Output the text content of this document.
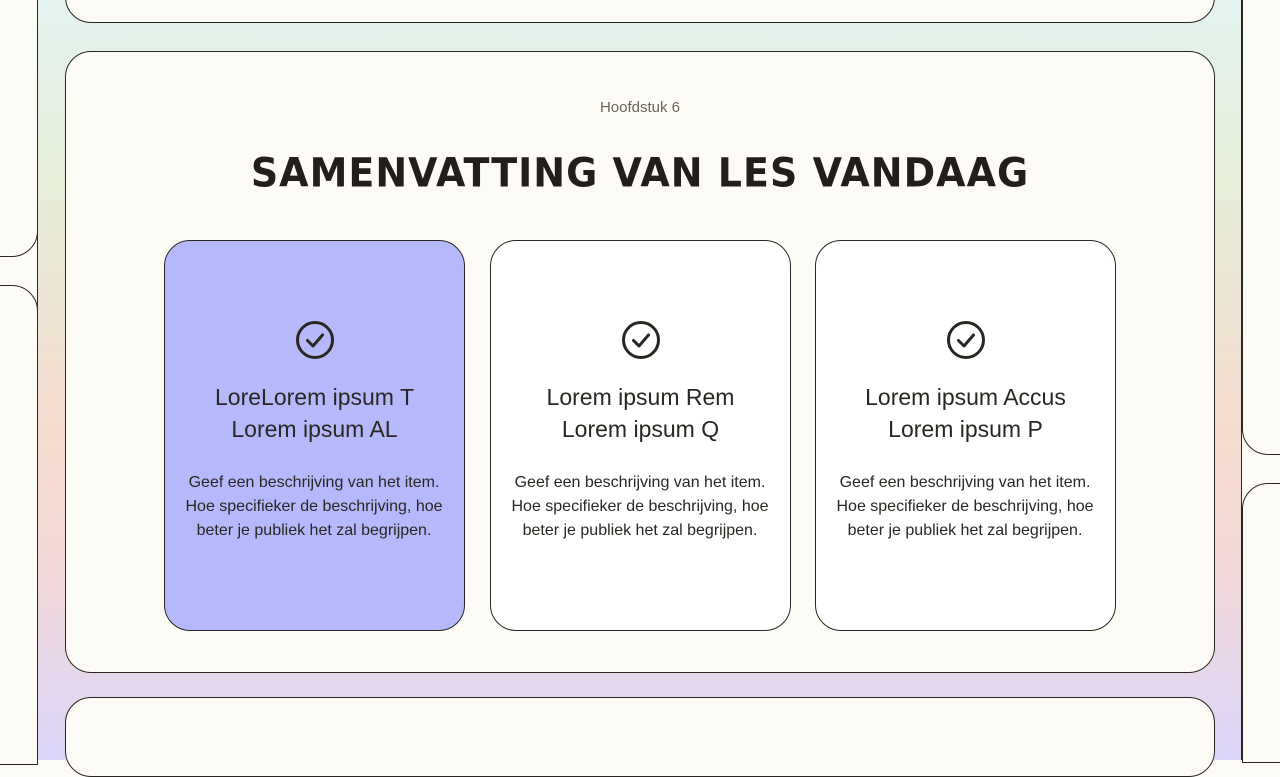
Hoofdstuk 6
SAMENVATTING VAN LES VANDAAG
LoreLorem ipsum T
Lorem ipsum AL
Geef een beschrijving van het item. Hoe specifieker de beschrijving, hoe beter je publiek het zal begrijpen.
Lorem ipsum Rem
Lorem ipsum Q
Geef een beschrijving van het item. Hoe specifieker de beschrijving, hoe beter je publiek het zal begrijpen.
Lorem ipsum Accus
Lorem ipsum P
Geef een beschrijving van het item. Hoe specifieker de beschrijving, hoe beter je publiek het zal begrijpen.
